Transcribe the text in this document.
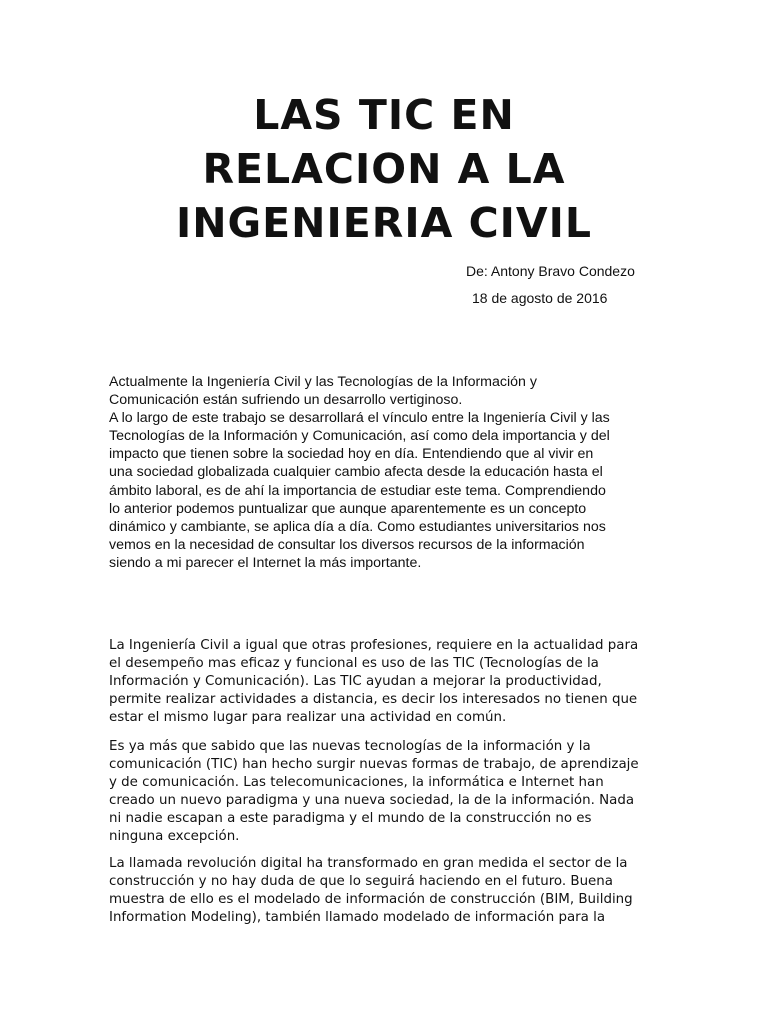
LAS TIC EN
RELACION A LA
INGENIERIA CIVIL
De: Antony Bravo Condezo
18 de agosto de 2016

Actualmente la Ingeniería Civil y las Tecnologías de la Información y
Comunicación están sufriendo un desarrollo vertiginoso.
A lo largo de este trabajo se desarrollará el vínculo entre la Ingeniería Civil y las
Tecnologías de la Información y Comunicación, así como dela importancia y del
impacto que tienen sobre la sociedad hoy en día. Entendiendo que al vivir en
una sociedad globalizada cualquier cambio afecta desde la educación hasta el
ámbito laboral, es de ahí la importancia de estudiar este tema. Comprendiendo
lo anterior podemos puntualizar que aunque aparentemente es un concepto
dinámico y cambiante, se aplica día a día. Como estudiantes universitarios nos
vemos en la necesidad de consultar los diversos recursos de la información
siendo a mi parecer el Internet la más importante.

La Ingeniería Civil a igual que otras profesiones, requiere en la actualidad para
el desempeño mas eficaz y funcional es uso de las TIC (Tecnologías de la
Información y Comunicación). Las TIC ayudan a mejorar la productividad,
permite realizar actividades a distancia, es decir los interesados no tienen que
estar el mismo lugar para realizar una actividad en común.

Es ya más que sabido que las nuevas tecnologías de la información y la
comunicación (TIC) han hecho surgir nuevas formas de trabajo, de aprendizaje
y de comunicación. Las telecomunicaciones, la informática e Internet han
creado un nuevo paradigma y una nueva sociedad, la de la información. Nada
ni nadie escapan a este paradigma y el mundo de la construcción no es
ninguna excepción.

La llamada revolución digital ha transformado en gran medida el sector de la
construcción y no hay duda de que lo seguirá haciendo en el futuro. Buena
muestra de ello es el modelado de información de construcción (BIM, Building
Information Modeling), también llamado modelado de información para la
